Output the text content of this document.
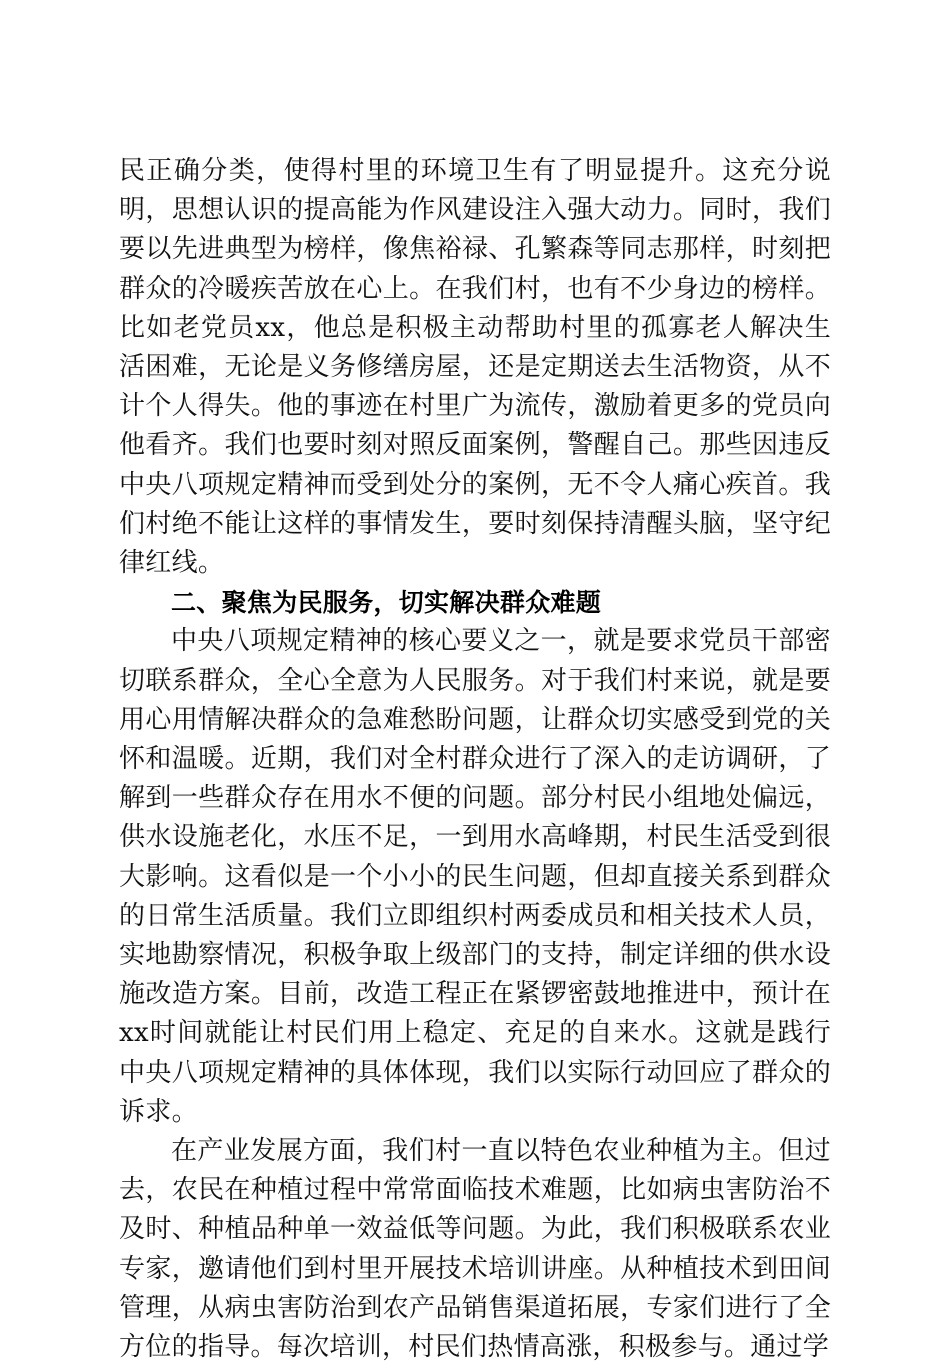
民正确分类，使得村里的环境卫生有了明显提升。这充分说明，思想认识的提高能为作风建设注入强大动力。同时，我们要以先进典型为榜样，像焦裕禄、孔繁森等同志那样，时刻把群众的冷暖疾苦放在心上。在我们村，也有不少身边的榜样。比如老党员xx，他总是积极主动帮助村里的孤寡老人解决生活困难，无论是义务修缮房屋，还是定期送去生活物资，从不计个人得失。他的事迹在村里广为流传，激励着更多的党员向他看齐。我们也要时刻对照反面案例，警醒自己。那些因违反中央八项规定精神而受到处分的案例，无不令人痛心疾首。我们村绝不能让这样的事情发生，要时刻保持清醒头脑，坚守纪律红线。

二、聚焦为民服务，切实解决群众难题

中央八项规定精神的核心要义之一，就是要求党员干部密切联系群众，全心全意为人民服务。对于我们村来说，就是要用心用情解决群众的急难愁盼问题，让群众切实感受到党的关怀和温暖。近期，我们对全村群众进行了深入的走访调研，了解到一些群众存在用水不便的问题。部分村民小组地处偏远，供水设施老化，水压不足，一到用水高峰期，村民生活受到很大影响。这看似是一个小小的民生问题，但却直接关系到群众的日常生活质量。我们立即组织村两委成员和相关技术人员，实地勘察情况，积极争取上级部门的支持，制定详细的供水设施改造方案。目前，改造工程正在紧锣密鼓地推进中，预计在xx时间就能让村民们用上稳定、充足的自来水。这就是践行中央八项规定精神的具体体现，我们以实际行动回应了群众的诉求。

在产业发展方面，我们村一直以特色农业种植为主。但过去，农民在种植过程中常常面临技术难题，比如病虫害防治不及时、种植品种单一效益低等问题。为此，我们积极联系农业专家，邀请他们到村里开展技术培训讲座。从种植技术到田间管理，从病虫害防治到农产品销售渠道拓展，专家们进行了全方位的指导。每次培训，村民们热情高涨，积极参与。通过学
